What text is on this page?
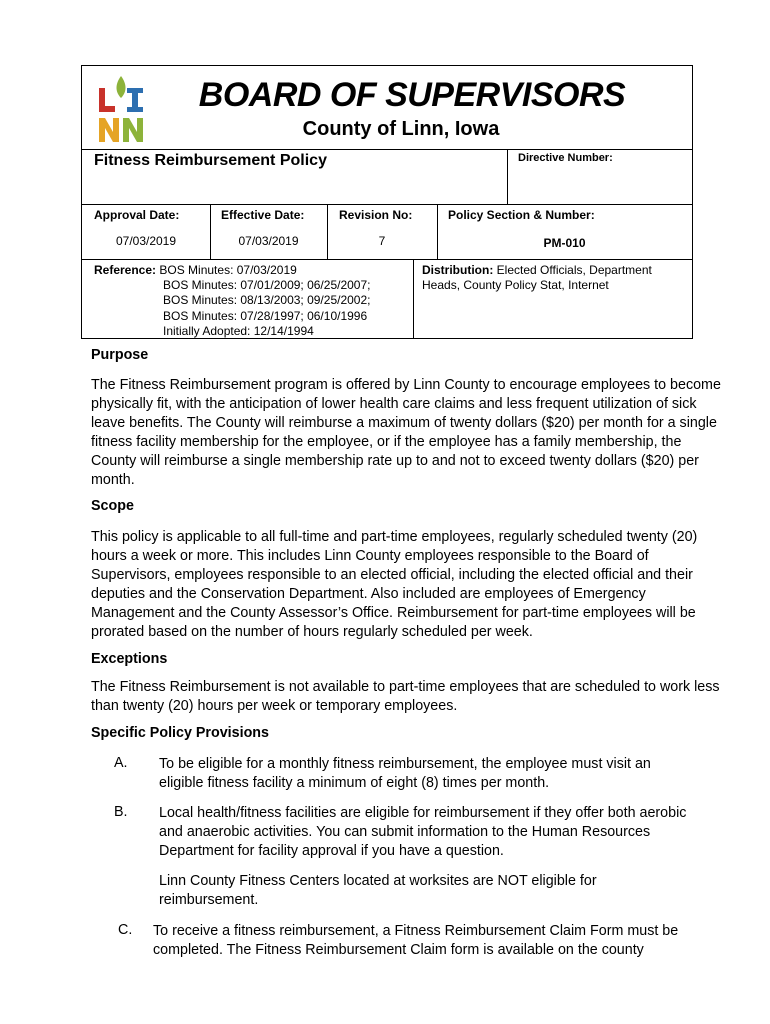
BOARD OF SUPERVISORS
County of Linn, Iowa
Fitness Reimbursement Policy	Directive Number:
Approval Date:
07/03/2019
Effective Date:
07/03/2019
Revision No:
7
Policy Section & Number:
PM-010
Reference: BOS Minutes: 07/03/2019
BOS Minutes: 07/01/2009; 06/25/2007;
BOS Minutes: 08/13/2003; 09/25/2002;
BOS Minutes: 07/28/1997; 06/10/1996
Initially Adopted: 12/14/1994
Distribution: Elected Officials, Department Heads, County Policy Stat, Internet
Purpose
The Fitness Reimbursement program is offered by Linn County to encourage employees to become physically fit, with the anticipation of lower health care claims and less frequent utilization of sick leave benefits. The County will reimburse a maximum of twenty dollars ($20) per month for a single fitness facility membership for the employee, or if the employee has a family membership, the County will reimburse a single membership rate up to and not to exceed twenty dollars ($20) per month.
Scope
This policy is applicable to all full-time and part-time employees, regularly scheduled twenty (20) hours a week or more. This includes Linn County employees responsible to the Board of Supervisors, employees responsible to an elected official, including the elected official and their deputies and the Conservation Department. Also included are employees of Emergency Management and the County Assessor’s Office. Reimbursement for part-time employees will be prorated based on the number of hours regularly scheduled per week.
Exceptions
The Fitness Reimbursement is not available to part-time employees that are scheduled to work less than twenty (20) hours per week or temporary employees.
Specific Policy Provisions
A. To be eligible for a monthly fitness reimbursement, the employee must visit an eligible fitness facility a minimum of eight (8) times per month.
B. Local health/fitness facilities are eligible for reimbursement if they offer both aerobic and anaerobic activities. You can submit information to the Human Resources Department for facility approval if you have a question.
Linn County Fitness Centers located at worksites are NOT eligible for reimbursement.
C. To receive a fitness reimbursement, a Fitness Reimbursement Claim Form must be completed. The Fitness Reimbursement Claim form is available on the county
